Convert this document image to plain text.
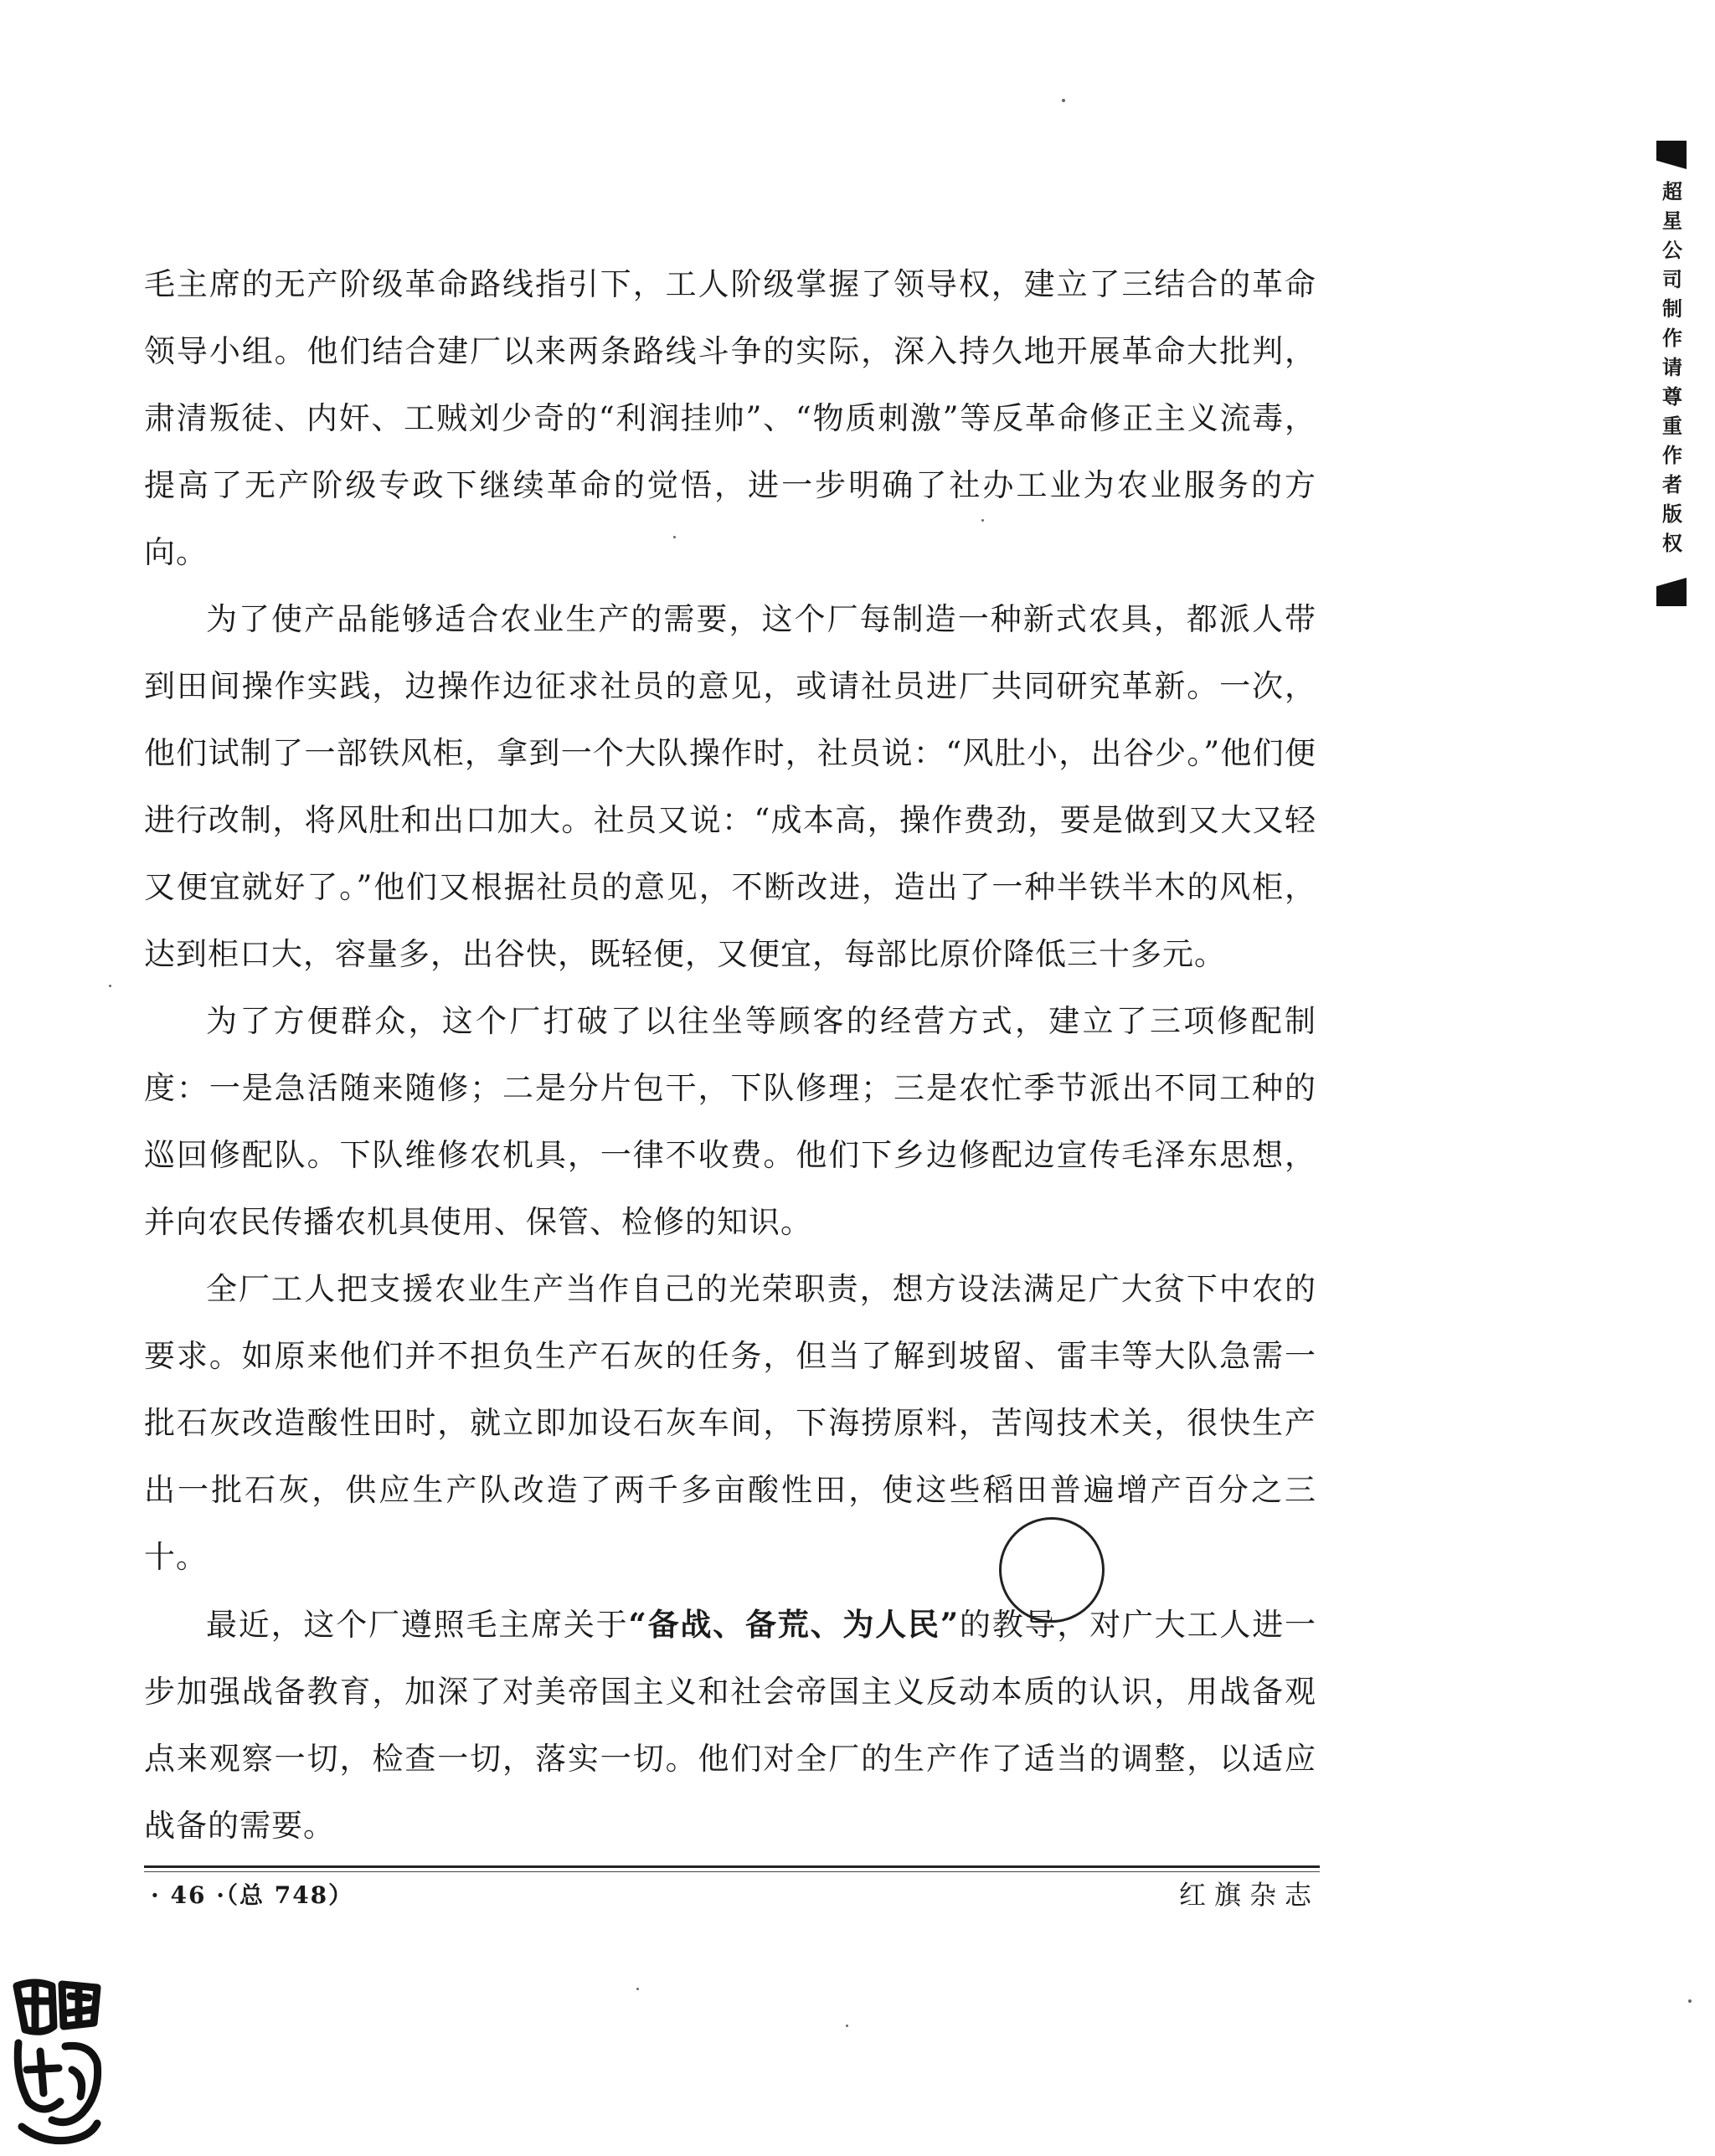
毛主席的无产阶级革命路线指引下，工人阶级掌握了领导权，建立了三结合的革命领导小组。他们结合建厂以来两条路线斗争的实际，深入持久地开展革命大批判，肃清叛徒、内奸、工贼刘少奇的“利润挂帅”、“物质刺激”等反革命修正主义流毒，提高了无产阶级专政下继续革命的觉悟，进一步明确了社办工业为农业服务的方向。

为了使产品能够适合农业生产的需要，这个厂每制造一种新式农具，都派人带到田间操作实践，边操作边征求社员的意见，或请社员进厂共同研究革新。一次，他们试制了一部铁风柜，拿到一个大队操作时，社员说：“风肚小，出谷少。”他们便进行改制，将风肚和出口加大。社员又说：“成本高，操作费劲，要是做到又大又轻又便宜就好了。”他们又根据社员的意见，不断改进，造出了一种半铁半木的风柜，达到柜口大，容量多，出谷快，既轻便，又便宜，每部比原价降低三十多元。

为了方便群众，这个厂打破了以往坐等顾客的经营方式，建立了三项修配制度：一是急活随来随修；二是分片包干，下队修理；三是农忙季节派出不同工种的巡回修配队。下队维修农机具，一律不收费。他们下乡边修配边宣传毛泽东思想，并向农民传播农机具使用、保管、检修的知识。

全厂工人把支援农业生产当作自己的光荣职责，想方设法满足广大贫下中农的要求。如原来他们并不担负生产石灰的任务，但当了解到坡留、雷丰等大队急需一批石灰改造酸性田时，就立即加设石灰车间，下海捞原料，苦闯技术关，很快生产出一批石灰，供应生产队改造了两千多亩酸性田，使这些稻田普遍增产百分之三十。

最近，这个厂遵照毛主席关于“备战、备荒、为人民”的教导，对广大工人进一步加强战备教育，加深了对美帝国主义和社会帝国主义反动本质的认识，用战备观点来观察一切，检查一切，落实一切。他们对全厂的生产作了适当的调整，以适应战备的需要。

· 46 ·（总 748）	红旗杂志
超星公司制作请尊重作者版权
